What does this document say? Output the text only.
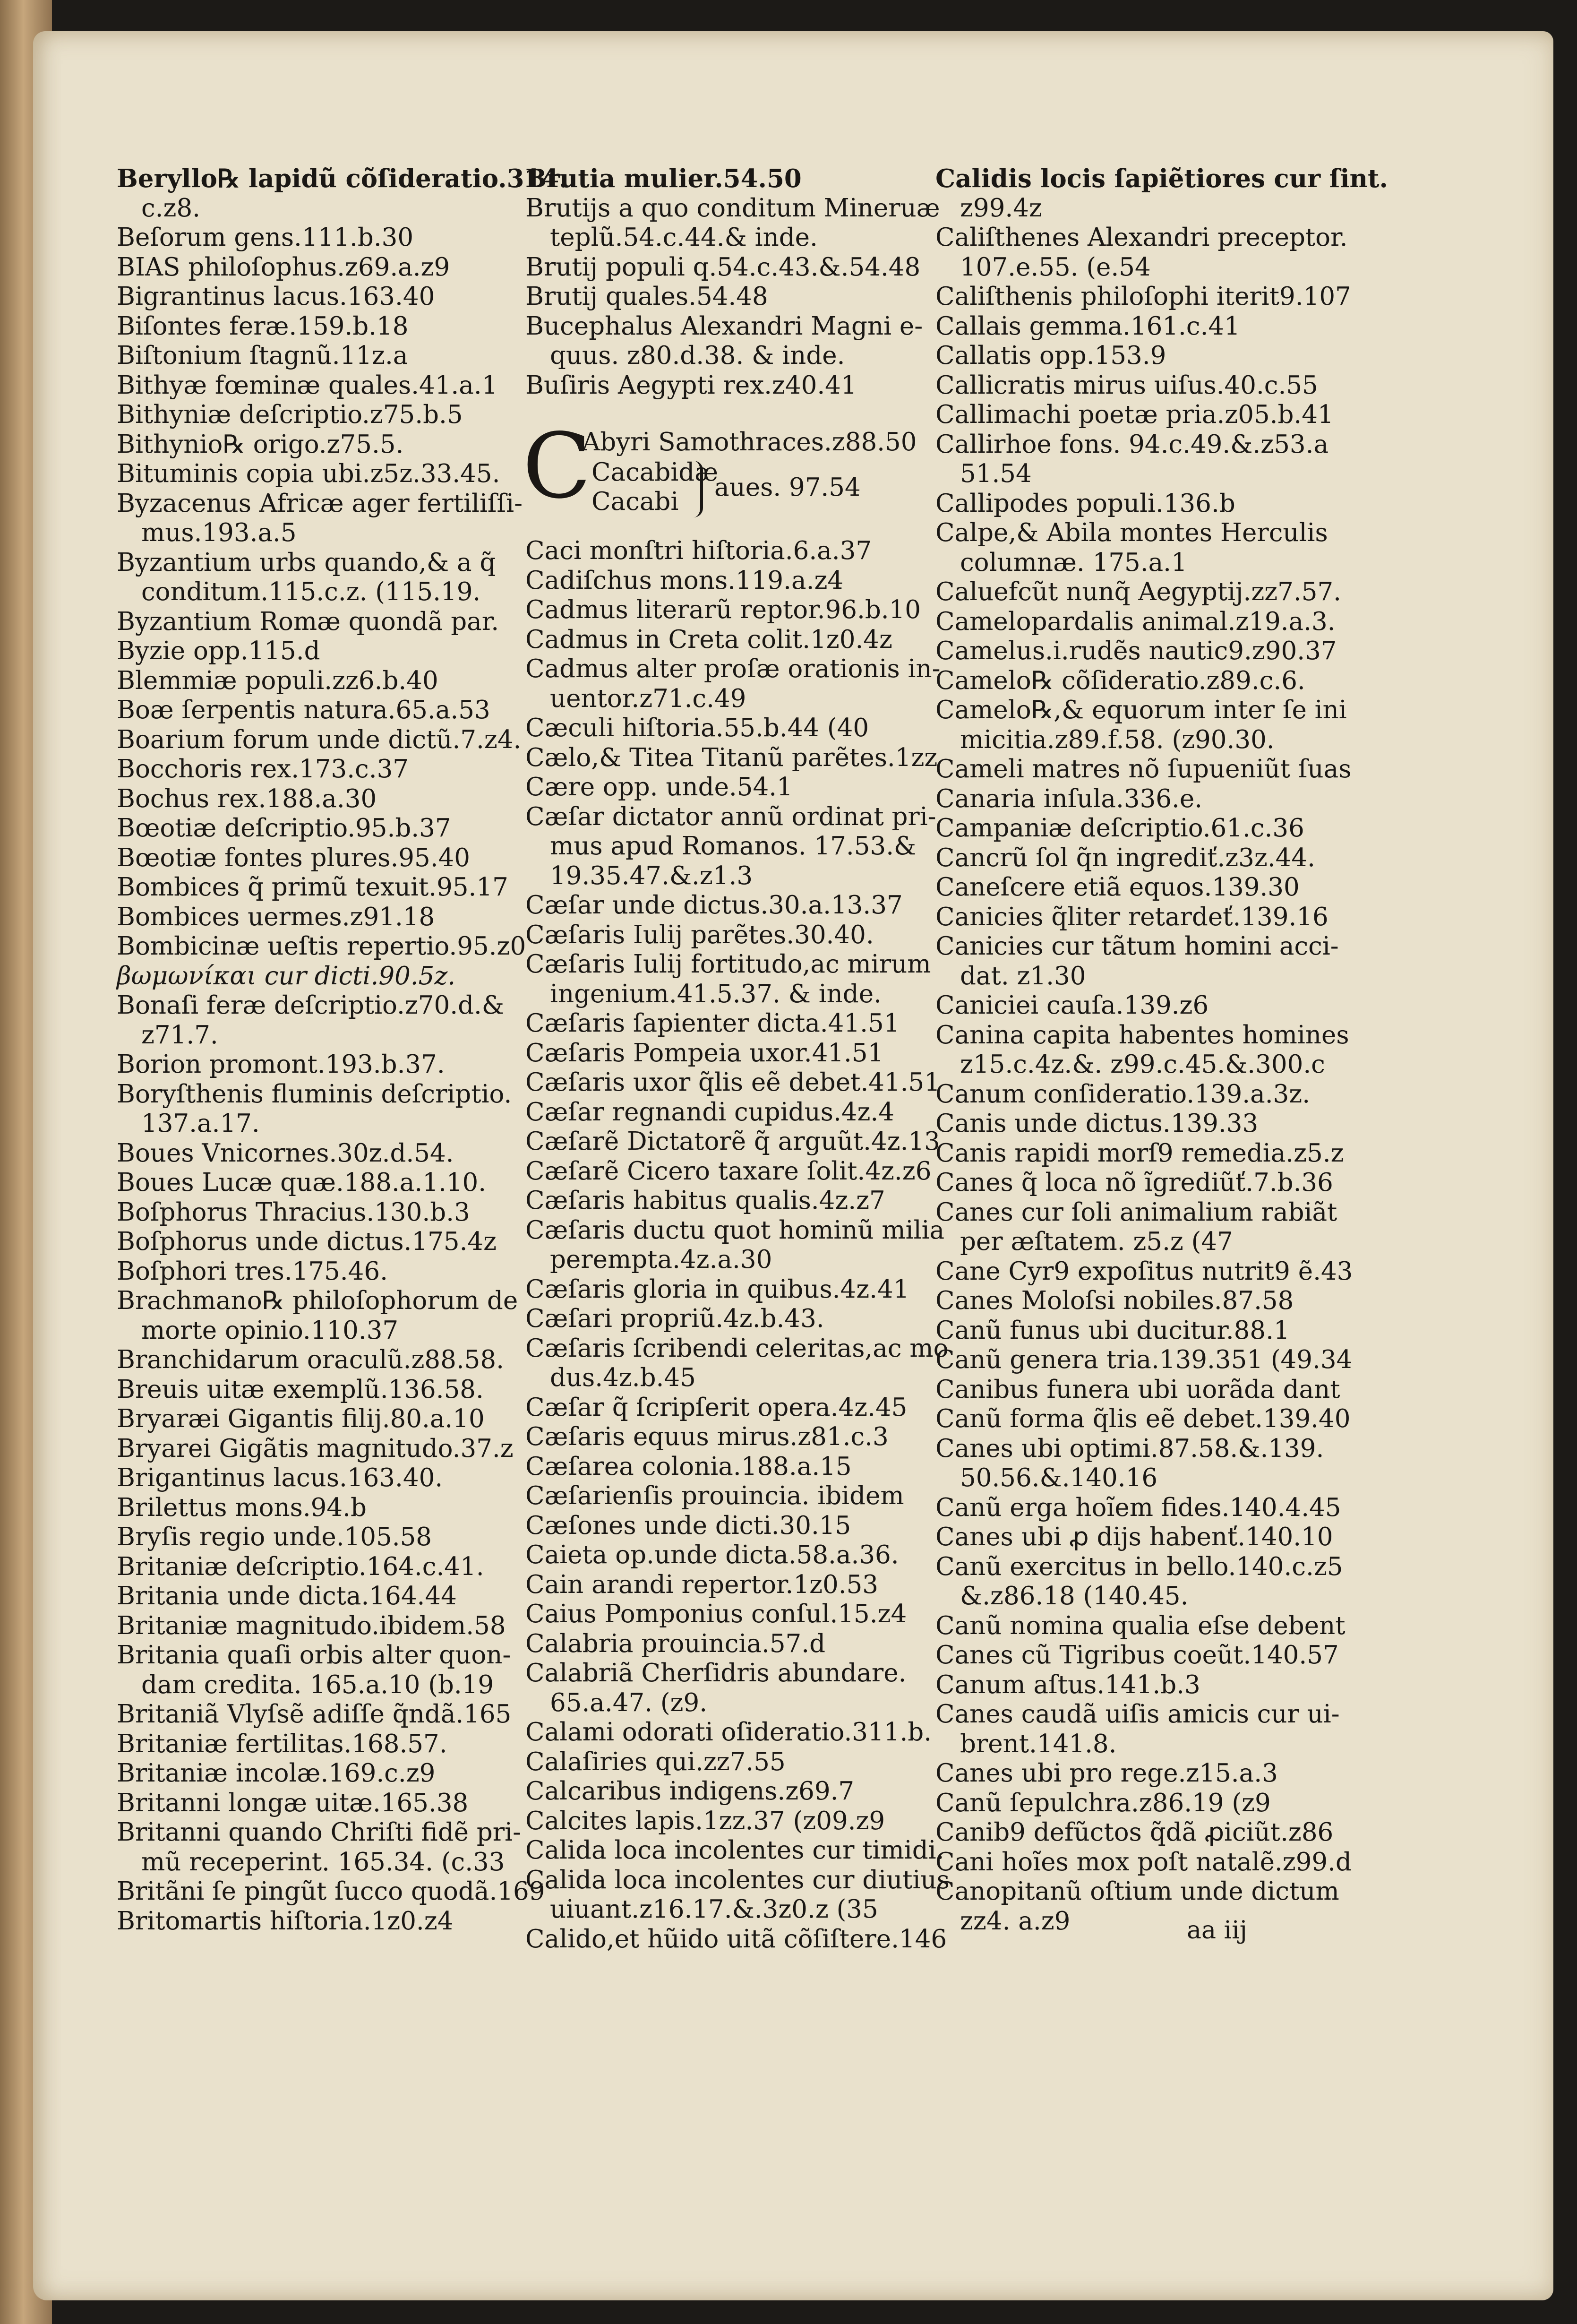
Beryllo℞ lapidũ cõſideratio.314.
c.z8.
Beſorum gens.111.b.30
BIAS philoſophus.z69.a.z9
Bigrantinus lacus.163.40
Biſontes feræ.159.b.18
Biſtonium ſtagnũ.11z.a
Bithyæ fœminæ quales.41.a.1
Bithyniæ deſcriptio.z75.b.5
Bithynio℞ origo.z75.5.
Bituminis copia ubi.z5z.33.45.
Byzacenus Africæ ager fertiliſſi-
mus.193.a.5
Byzantium urbs quando,& a q̃
conditum.115.c.z. (115.19.
Byzantium Romæ quondã par.
Byzie opp.115.d
Blemmiæ populi.zz6.b.40
Boæ ſerpentis natura.65.a.53
Boarium forum unde dictũ.7.z4.
Bocchoris rex.173.c.37
Bochus rex.188.a.30
Bœotiæ deſcriptio.95.b.37
Bœotiæ fontes plures.95.40
Bombices q̃ primũ texuit.95.17
Bombices uermes.z91.18
Bombicinæ ueſtis repertio.95.z0
βωμωνίκαι cur dicti.90.5z.
Bonaſi feræ deſcriptio.z70.d.&
z71.7.
Borion promont.193.b.37.
Boryſthenis fluminis deſcriptio.
137.a.17.
Boues Vnicornes.30z.d.54.
Boues Lucæ quæ.188.a.1.10.
Boſphorus Thracius.130.b.3
Boſphorus unde dictus.175.4z
Boſphori tres.175.46.
Brachmano℞ philoſophorum de
morte opinio.110.37
Branchidarum oraculũ.z88.58.
Breuis uitæ exemplũ.136.58.
Bryaræi Gigantis filij.80.a.10
Bryarei Gigãtis magnitudo.37.z
Brigantinus lacus.163.40.
Brilettus mons.94.b
Bryſis regio unde.105.58
Britaniæ deſcriptio.164.c.41.
Britania unde dicta.164.44
Britaniæ magnitudo.ibidem.58
Britania quaſi orbis alter quon-
dam credita. 165.a.10 (b.19
Britaniã Vlyſsẽ adiſſe q̃ndã.165
Britaniæ fertilitas.168.57.
Britaniæ incolæ.169.c.z9
Britanni longæ uitæ.165.38
Britanni quando Chriſti fidẽ pri-
mũ receperint. 165.34. (c.33
Britãni ſe pingũt ſucco quodã.169
Britomartis hiſtoria.1z0.z4
Brutia mulier.54.50
Brutijs a quo conditum Mineruæ
teplũ.54.c.44.& inde.
Brutij populi q.54.c.43.&.54.48
Brutij quales.54.48
Bucephalus Alexandri Magni e-
quus. z80.d.38. & inde.
Buſiris Aegypti rex.z40.41
C
Abyri Samothraces.z88.50
Cacabidæ
Cacabi aues. 97.54
Caci monſtri hiſtoria.6.a.37
Cadiſchus mons.119.a.z4
Cadmus literarũ reptor.96.b.10
Cadmus in Creta colit.1z0.4z
Cadmus alter proſæ orationis in-
uentor.z71.c.49
Cæculi hiſtoria.55.b.44 (40
Cælo,& Titea Titanũ parẽtes.1zz
Cære opp. unde.54.1
Cæſar dictator annũ ordinat pri-
mus apud Romanos. 17.53.&
19.35.47.&.z1.3
Cæſar unde dictus.30.a.13.37
Cæſaris Iulij parẽtes.30.40.
Cæſaris Iulij fortitudo,ac mirum
ingenium.41.5.37. & inde.
Cæſaris ſapienter dicta.41.51
Cæſaris Pompeia uxor.41.51
Cæſaris uxor q̃lis eẽ debet.41.51
Cæſar regnandi cupidus.4z.4
Cæſarẽ Dictatorẽ q̃ arguũt.4z.13
Cæſarẽ Cicero taxare ſolit.4z.z6
Cæſaris habitus qualis.4z.z7
Cæſaris ductu quot hominũ milia
perempta.4z.a.30
Cæſaris gloria in quibus.4z.41
Cæſari propriũ.4z.b.43.
Cæſaris ſcribendi celeritas,ac mo
dus.4z.b.45
Cæſar q̃ ſcripſerit opera.4z.45
Cæſaris equus mirus.z81.c.3
Cæſarea colonia.188.a.15
Cæſarienſis prouincia. ibidem
Cæſones unde dicti.30.15
Caieta op.unde dicta.58.a.36.
Cain arandi repertor.1z0.53
Caius Pomponius conſul.15.z4
Calabria prouincia.57.d
Calabriã Cherſidris abundare.
65.a.47. (z9.
Calami odorati oſideratio.311.b.
Calaſiries qui.zz7.55
Calcaribus indigens.z69.7
Calcites lapis.1zz.37 (z09.z9
Calida loca incolentes cur timidi.
Calida loca incolentes cur diutius
uiuant.z16.17.&.3z0.z (35
Calido,et hũido uitã cõſiſtere.146
Calidis locis ſapiẽtiores cur ſint.
z99.4z
Caliſthenes Alexandri preceptor.
107.e.55. (e.54
Caliſthenis philoſophi iterit9.107
Callais gemma.161.c.41
Callatis opp.153.9
Callicratis mirus uiſus.40.c.55
Callimachi poetæ pria.z05.b.41
Callirhoe fons. 94.c.49.&.z53.a
51.54
Callipodes populi.136.b
Calpe,& Abila montes Herculis
columnæ. 175.a.1
Caluefcũt nunq̃ Aegyptij.zz7.57.
Camelopardalis animal.z19.a.3.
Camelus.i.rudẽs nautic9.z90.37
Camelo℞ cõſideratio.z89.c.6.
Camelo℞,& equorum inter ſe ini
micitia.z89.f.58. (z90.30.
Cameli matres nõ ſupueniũt ſuas
Canaria inſula.336.e.
Campaniæ deſcriptio.61.c.36
Cancrũ ſol q̃n ingrediť.z3z.44.
Caneſcere etiã equos.139.30
Canicies q̃liter retardeť.139.16
Canicies cur tãtum homini acci-
dat. z1.30
Caniciei cauſa.139.z6
Canina capita habentes homines
z15.c.4z.&. z99.c.45.&.300.c
Canum conſideratio.139.a.3z.
Canis unde dictus.139.33
Canis rapidi morſ9 remedia.z5.z
Canes q̃ loca nõ ĩgrediũť.7.b.36
Canes cur ſoli animalium rabiãt
per æſtatem. z5.z (47
Cane Cyr9 expoſitus nutrit9 ẽ.43
Canes Moloſsi nobiles.87.58
Canũ funus ubi ducitur.88.1
Canũ genera tria.139.351 (49.34
Canibus funera ubi uorãda dant
Canũ forma q̃lis eẽ debet.139.40
Canes ubi optimi.87.58.&.139.
50.56.&.140.16
Canũ erga hoĩem fides.140.4.45
Canes ubi ꝓ dijs habenť.140.10
Canũ exercitus in bello.140.c.z5
&.z86.18 (140.45.
Canũ nomina qualia eſse debent
Canes cũ Tigribus coeũt.140.57
Canum aſtus.141.b.3
Canes caudã uiſis amicis cur ui-
brent.141.8.
Canes ubi pro rege.z15.a.3
Canũ ſepulchra.z86.19 (z9
Canib9 defũctos q̃dã ꝓiciũt.z86
Cani hoĩes mox poſt natalẽ.z99.d
Canopitanũ oſtium unde dictum
zz4. a.z9	aa iij
